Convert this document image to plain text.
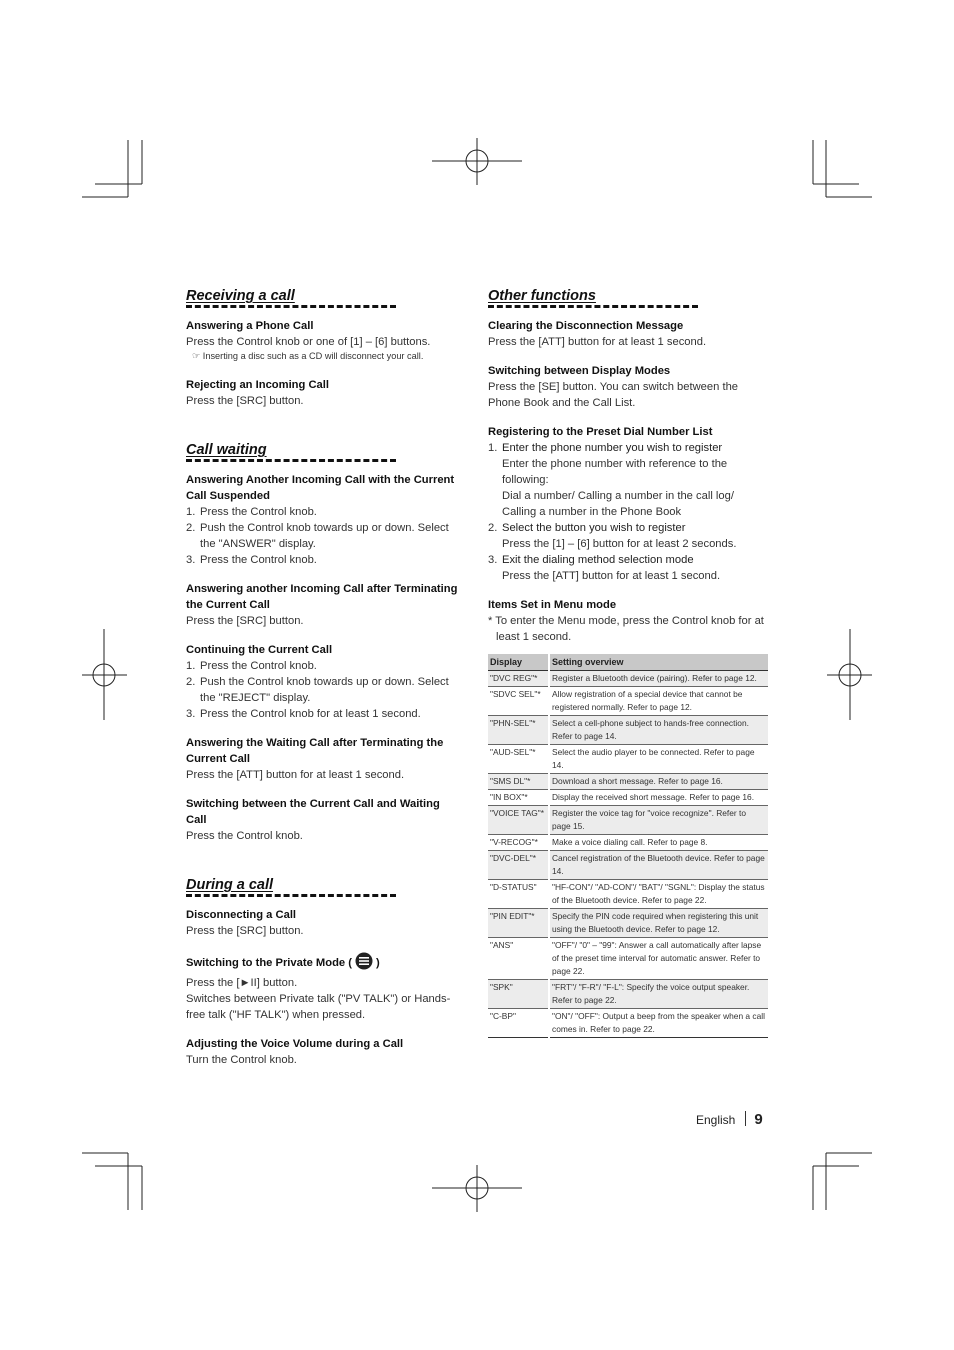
Receiving a call
Answering a Phone Call
Press the Control knob or one of [1] – [6] buttons.
☞ Inserting a disc such as a CD will disconnect your call.
Rejecting an Incoming Call
Press the [SRC] button.
Call waiting
Answering Another Incoming Call with the Current Call Suspended
1. Press the Control knob.
2. Push the Control knob towards up or down. Select the "ANSWER" display.
3. Press the Control knob.
Answering another Incoming Call after Terminating the Current Call
Press the [SRC] button.
Continuing the Current Call
1. Press the Control knob.
2. Push the Control knob towards up or down. Select the "REJECT" display.
3. Press the Control knob for at least 1 second.
Answering the Waiting Call after Terminating the Current Call
Press the [ATT] button for at least 1 second.
Switching between the Current Call and Waiting Call
Press the Control knob.
During a call
Disconnecting a Call
Press the [SRC] button.
Switching to the Private Mode ( )
Press the [►II] button.
Switches between Private talk ("PV TALK") or Hands-free talk ("HF TALK") when pressed.
Adjusting the Voice Volume during a Call
Turn the Control knob.
Other functions
Clearing the Disconnection Message
Press the [ATT] button for at least 1 second.
Switching between Display Modes
Press the [SE] button. You can switch between the Phone Book and the Call List.
Registering to the Preset Dial Number List
1. Enter the phone number you wish to register
Enter the phone number with reference to the following:
Dial a number/ Calling a number in the call log/ Calling a number in the Phone Book
2. Select the button you wish to register
Press the [1] – [6] button for at least 2 seconds.
3. Exit the dialing method selection mode
Press the [ATT] button for at least 1 second.
Items Set in Menu mode
* To enter the Menu mode, press the Control knob for at least 1 second.
Display	Setting overview
"DVC REG"*	Register a Bluetooth device (pairing). Refer to page 12.
"SDVC SEL"*	Allow registration of a special device that cannot be registered normally. Refer to page 12.
"PHN-SEL"*	Select a cell-phone subject to hands-free connection. Refer to page 14.
"AUD-SEL"*	Select the audio player to be connected. Refer to page 14.
"SMS DL"*	Download a short message. Refer to page 16.
"IN BOX"*	Display the received short message. Refer to page 16.
"VOICE TAG"*	Register the voice tag for "voice recognize". Refer to page 15.
"V-RECOG"*	Make a voice dialing call. Refer to page 8.
"DVC-DEL"*	Cancel registration of the Bluetooth device. Refer to page 14.
"D-STATUS"	"HF-CON"/ "AD-CON"/ "BAT"/ "SGNL": Display the status of the Bluetooth device. Refer to page 22.
"PIN EDIT"*	Specify the PIN code required when registering this unit using the Bluetooth device. Refer to page 12.
"ANS"	"OFF"/ "0" – "99": Answer a call automatically after lapse of the preset time interval for automatic answer. Refer to page 22.
"SPK"	"FRT"/ "F-R"/ "F-L": Specify the voice output speaker. Refer to page 22.
"C-BP"	"ON"/ "OFF": Output a beep from the speaker when a call comes in. Refer to page 22.
English 9
